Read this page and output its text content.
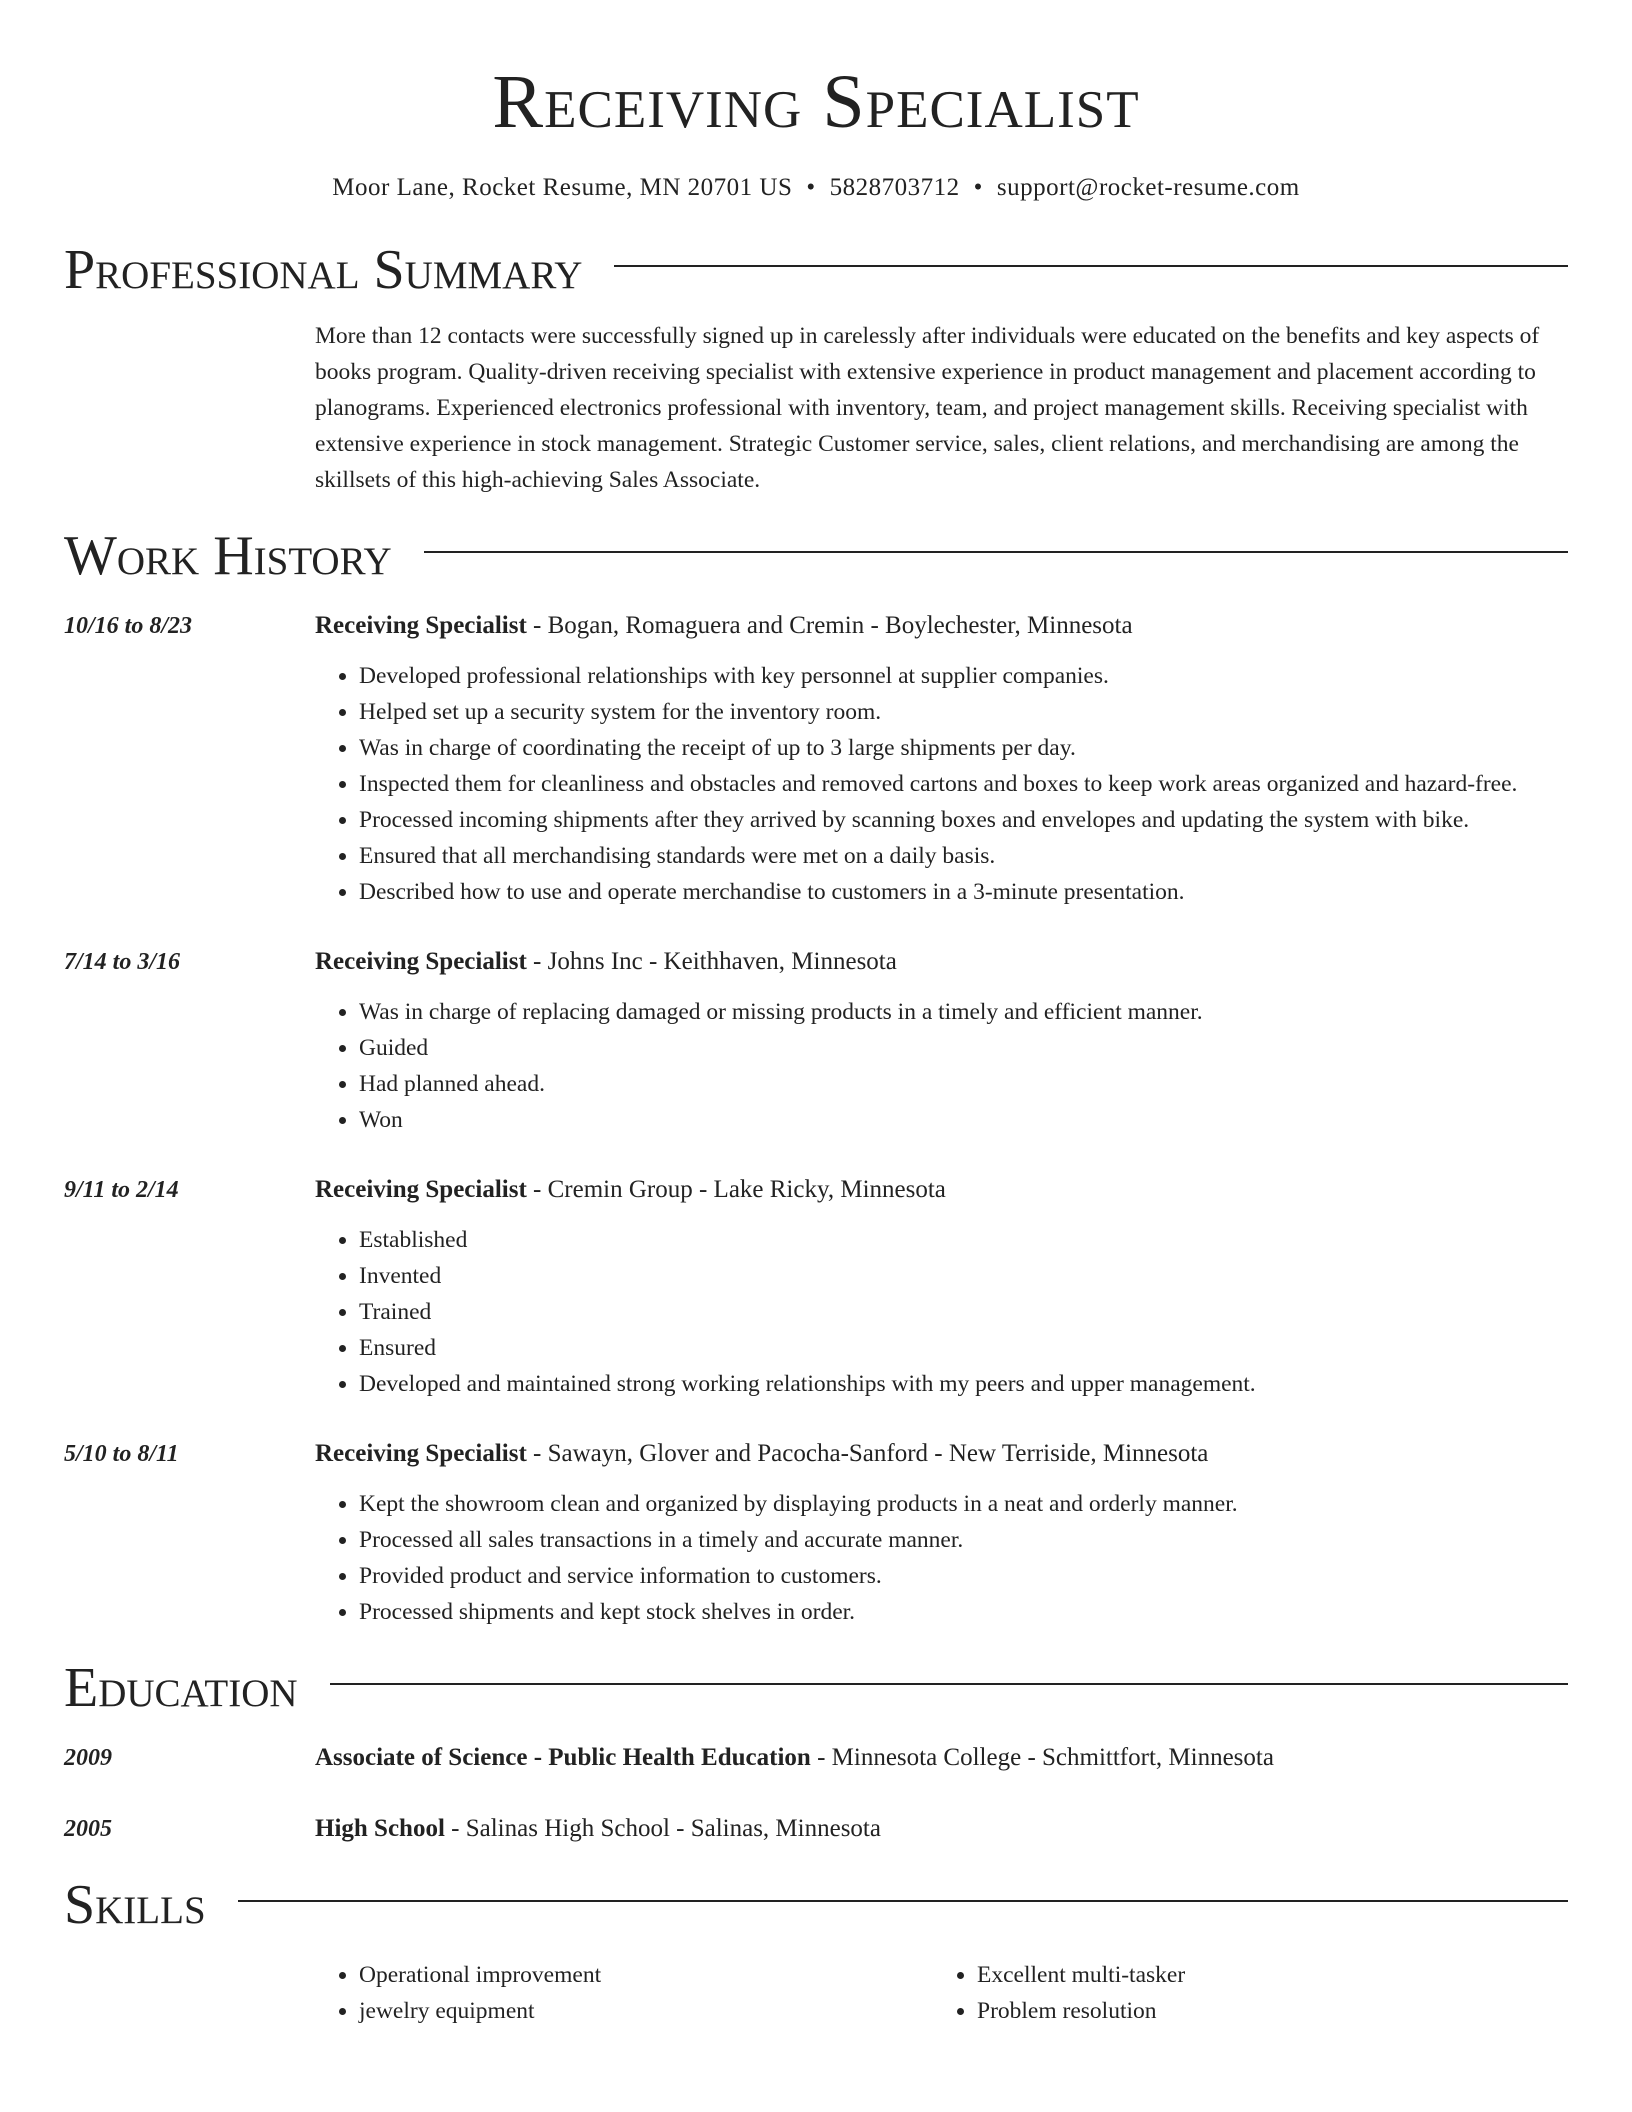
Receiving Specialist
Moor Lane, Rocket Resume, MN 20701 US • 5828703712 • support@rocket-resume.com
Professional Summary
More than 12 contacts were successfully signed up in carelessly after individuals were educated on the benefits and key aspects of books program. Quality-driven receiving specialist with extensive experience in product management and placement according to planograms. Experienced electronics professional with inventory, team, and project management skills. Receiving specialist with extensive experience in stock management. Strategic Customer service, sales, client relations, and merchandising are among the skillsets of this high-achieving Sales Associate.
Work History
10/16 to 8/23	Receiving Specialist - Bogan, Romaguera and Cremin - Boylechester, Minnesota
• Developed professional relationships with key personnel at supplier companies.
• Helped set up a security system for the inventory room.
• Was in charge of coordinating the receipt of up to 3 large shipments per day.
• Inspected them for cleanliness and obstacles and removed cartons and boxes to keep work areas organized and hazard-free.
• Processed incoming shipments after they arrived by scanning boxes and envelopes and updating the system with bike.
• Ensured that all merchandising standards were met on a daily basis.
• Described how to use and operate merchandise to customers in a 3-minute presentation.
7/14 to 3/16	Receiving Specialist - Johns Inc - Keithhaven, Minnesota
• Was in charge of replacing damaged or missing products in a timely and efficient manner.
• Guided
• Had planned ahead.
• Won
9/11 to 2/14	Receiving Specialist - Cremin Group - Lake Ricky, Minnesota
• Established
• Invented
• Trained
• Ensured
• Developed and maintained strong working relationships with my peers and upper management.
5/10 to 8/11	Receiving Specialist - Sawayn, Glover and Pacocha-Sanford - New Terriside, Minnesota
• Kept the showroom clean and organized by displaying products in a neat and orderly manner.
• Processed all sales transactions in a timely and accurate manner.
• Provided product and service information to customers.
• Processed shipments and kept stock shelves in order.
Education
2009	Associate of Science - Public Health Education - Minnesota College - Schmittfort, Minnesota
2005	High School - Salinas High School - Salinas, Minnesota
Skills
• Operational improvement
• jewelry equipment
• Excellent multi-tasker
• Problem resolution
